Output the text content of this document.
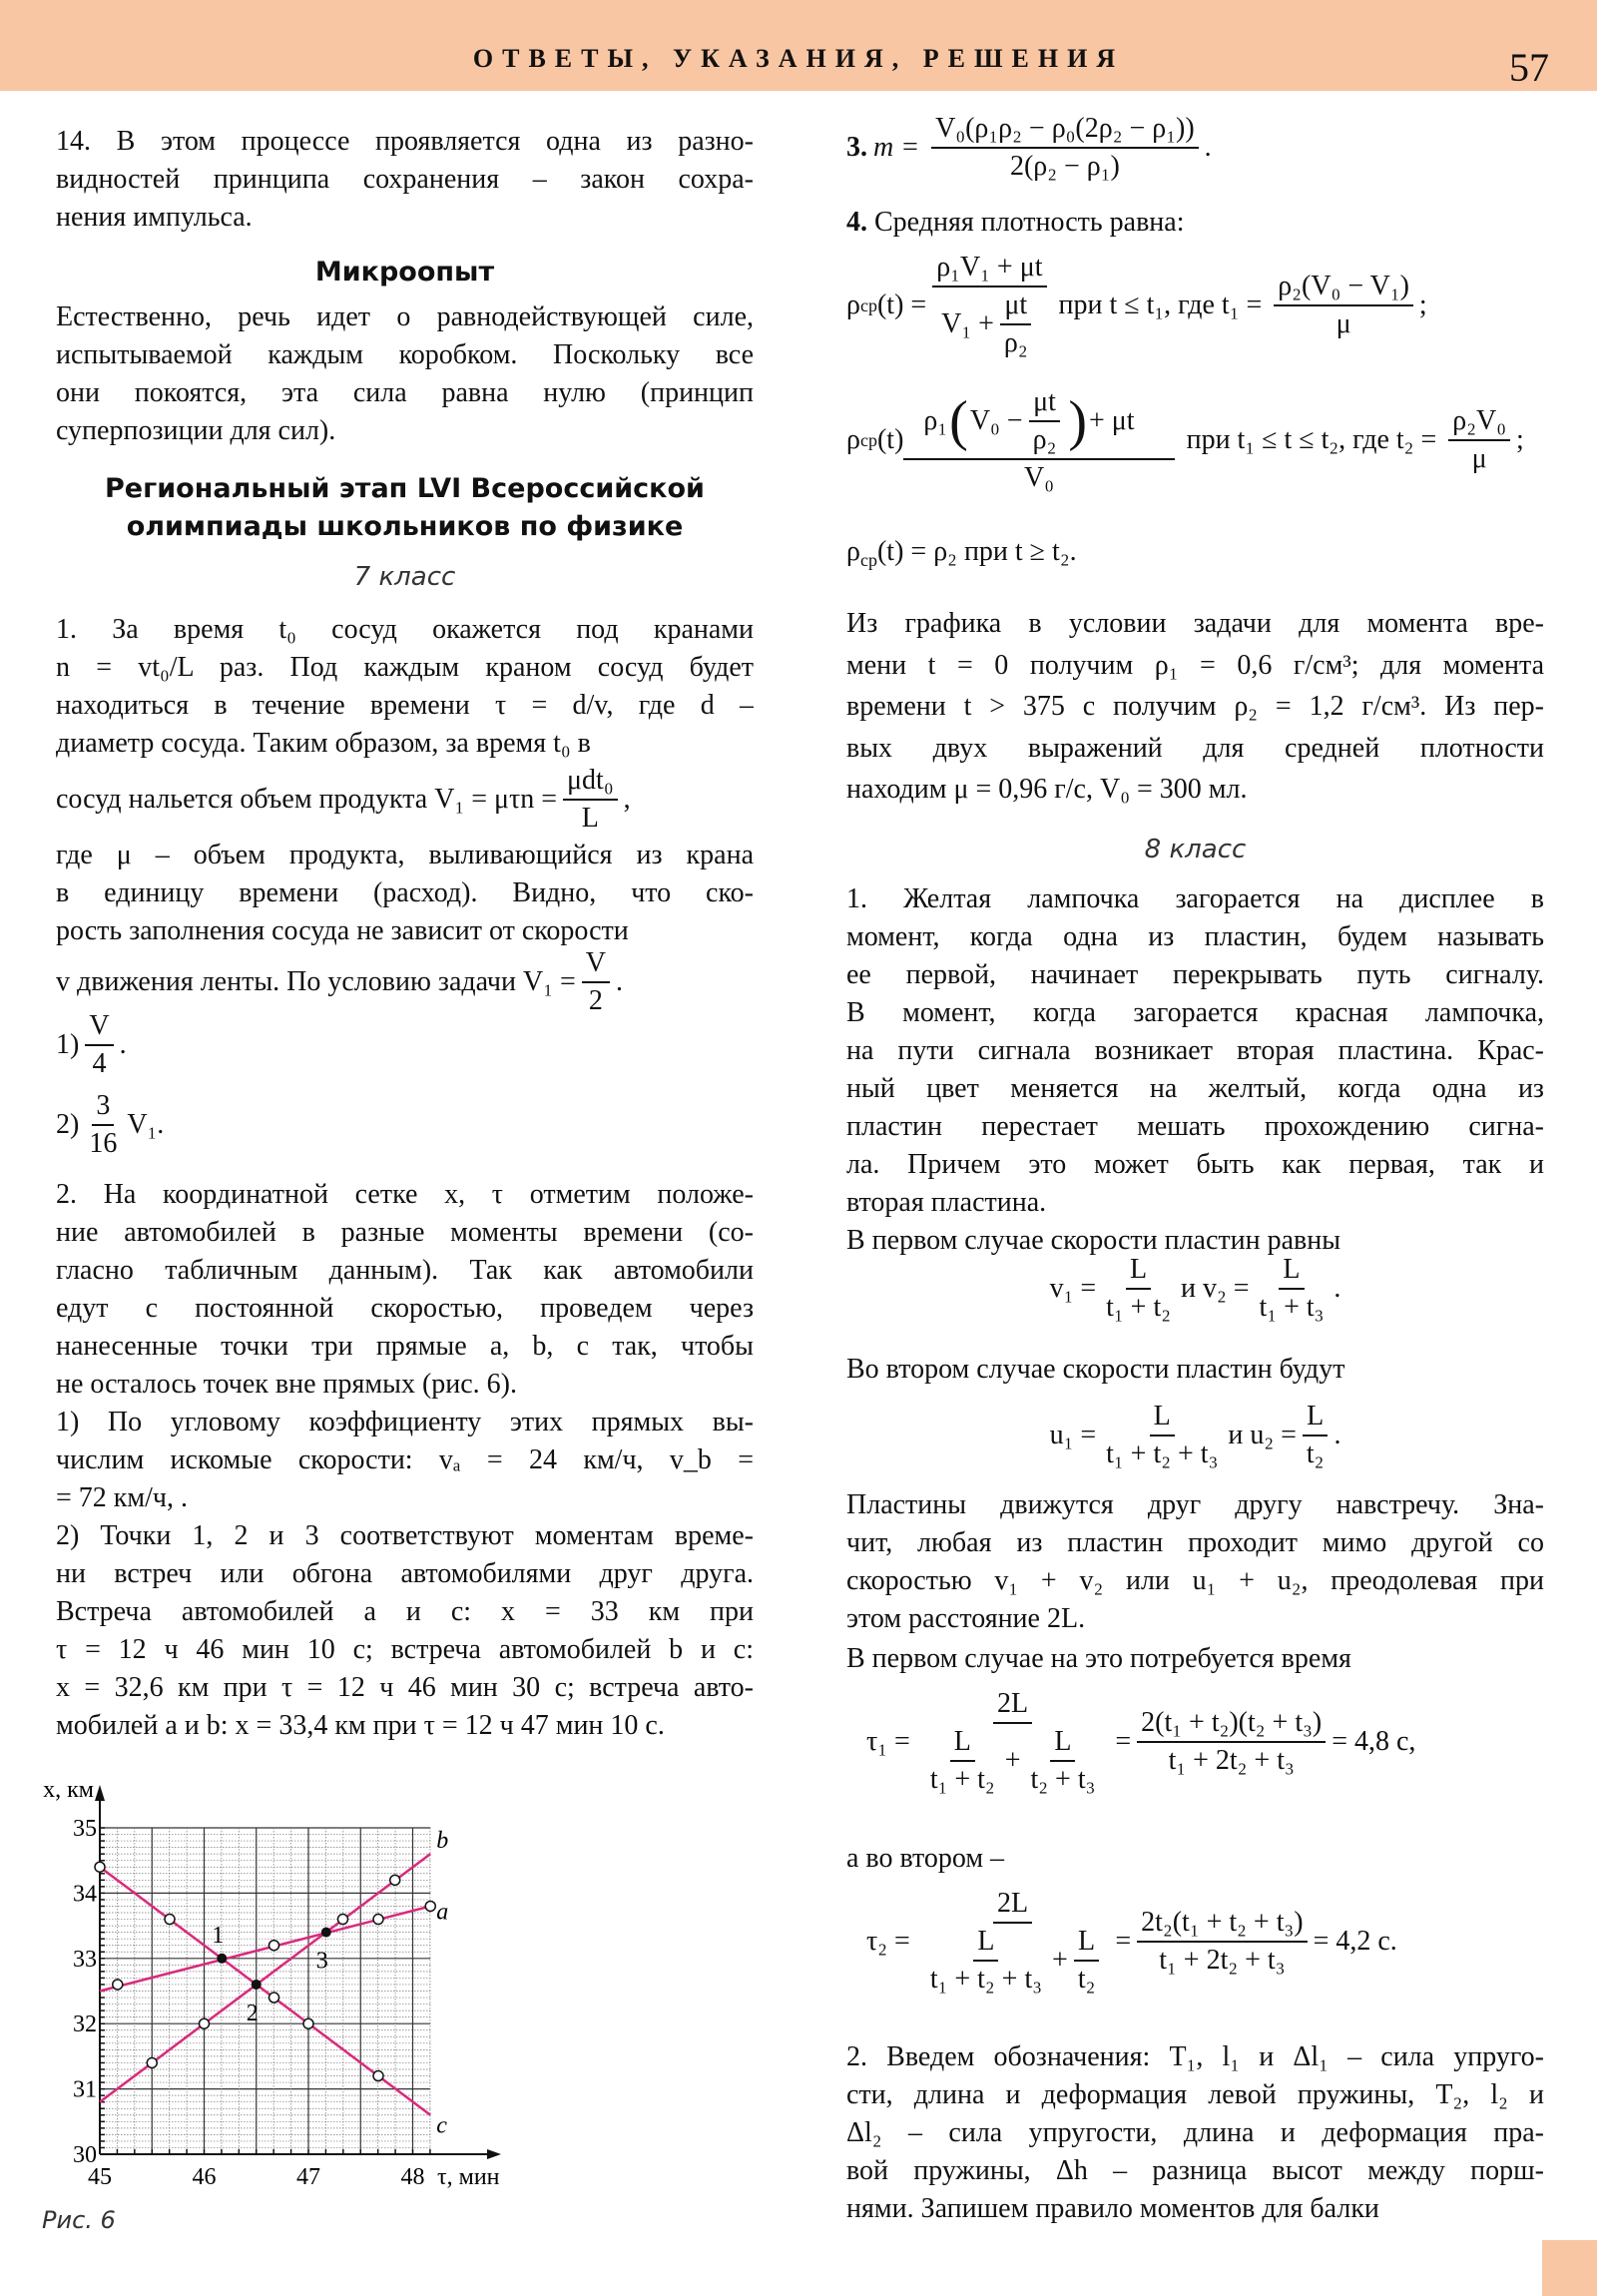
ОТВЕТЫ, УКАЗАНИЯ, РЕШЕНИЯ	57
14. В этом процессе проявляется одна из разно-
видностей принципа сохранения – закон сохра-
нения импульса.
Микроопыт
Естественно, речь идет о равнодействующей силе,
испытываемой каждым коробком. Поскольку все
они покоятся, эта сила равна нулю (принцип
суперпозиции для сил).
Региональный этап LVI Всероссийской
олимпиады школьников по физике
7 класс
1. За время t₀ сосуд окажется под кранами
n = vt₀/L раз. Под каждым краном сосуд будет
находиться в течение времени τ = d/v, где d –
диаметр сосуда. Таким образом, за время t₀ в
сосуд нальется объем продукта $V_1 = \mu\tau n = \frac{\text{μdt₀}}{L}$ ,
где μ – объем продукта, выливающийся из крана
в единицу времени (расход). Видно, что ско-
рость заполнения сосуда не зависит от скорости
v движения ленты. По условию задачи $V_1 = \frac{V}{2}$ .
$1) \frac{V}{4}$ .
$2) \frac{3}{16} V_1$.
2. На координатной сетке x, τ отметим положе-
ние автомобилей в разные моменты времени (со-
гласно табличным данным). Так как автомобили
едут с постоянной скоростью, проведем через
нанесенные точки три прямые a, b, c так, чтобы
не осталось точек вне прямых (рис. 6).
1) По угловому коэффициенту этих прямых вы-
числим искомые скорости: vₐ = 24 км/ч, v_b =
= 72 км/ч, .
2) Точки 1, 2 и 3 соответствуют моментам време-
ни встреч или обгона автомобилями друг друга.
Встреча автомобилей a и c: x = 33 км при
τ = 12 ч 46 мин 10 с; встреча автомобилей b и c:
x = 32,6 км при τ = 12 ч 46 мин 30 с; встреча авто-
мобилей a и b: x = 33,4 км при τ = 12 ч 47 мин 10 с.
30
31
32
33
34
35
45	46	47	48
x, км
τ, мин
a
b
c
1
2
3
Рис. 6
3. $m = \frac{\text{V₀(ρ₁ρ₂ − ρ₀(2ρ₂ − ρ₁))}}{\text{2(ρ₂ − ρ₁)}}$ .
4. Средняя плотность равна:
ρ ср $(t) = \frac{\text{ρ₁V₁ + μt}}{V_1 + \frac{\mu t}{\text{ρ₂}}}$ при t ≤ t₁, где $t_1 = \frac{\text{ρ₂(V₀ − V₁)}}{\mu}$ ;
ρ ср $(t) \frac{\rho_1 ( V_0 - \frac{\mu t}{\text{ρ₂}} ) + \mu t}{\text{V₀}}$ при t₁ ≤ t ≤ t₂, где $t_2 = \frac{\text{ρ₂V₀}}{\mu}$ ;
$\rho_{ср}(t) = \rho_2$ при t ≥ t₂.
Из графика в условии задачи для момента вре-
мени t = 0 получим ρ₁ = 0,6 г/см³; для момента
времени t > 375 с получим ρ₂ = 1,2 г/см³. Из пер-
вых двух выражений для средней плотности
находим μ = 0,96 г/с, V₀ = 300 мл.
8 класс
1. Желтая лампочка загорается на дисплее в
момент, когда одна из пластин, будем называть
ее первой, начинает перекрывать путь сигналу.
В момент, когда загорается красная лампочка,
на пути сигнала возникает вторая пластина. Крас-
ный цвет меняется на желтый, когда одна из
пластин перестает мешать прохождению сигна-
ла. Причем это может быть как первая, так и
вторая пластина.
В первом случае скорости пластин равны
$v_1 = \frac{L}{\text{t₁ + t₂}}$ и $v_2 = \frac{L}{\text{t₁ + t₃}}$ .
Во втором случае скорости пластин будут
$u_1 = \frac{L}{\text{t₁ + t₂ + t₃}}$ и $u_2 = \frac{L}{\text{t₂}}$ .
Пластины движутся друг другу навстречу. Зна-
чит, любая из пластин проходит мимо другой со
скоростью v₁ + v₂ или u₁ + u₂, преодолевая при
этом расстояние 2L.
В первом случае на это потребуется время
$\tau_1 = \frac{2L}{\frac{L}{\text{t₁ + t₂}} + \frac{L}{\text{t₂ + t₃}}} = \frac{\text{2(t₁ + t₂)(t₂ + t₃)}}{\text{t₁ + 2t₂ + t₃}} = 4,8$ с,
а во втором –
$\tau_2 = \frac{2L}{\frac{L}{\text{t₁ + t₂ + t₃}} + \frac{L}{\text{t₂}}} = \frac{\text{2t₂(t₁ + t₂ + t₃)}}{\text{t₁ + 2t₂ + t₃}} = 4,2$ с.
2. Введем обозначения: T₁, l₁ и Δl₁ – сила упруго-
сти, длина и деформация левой пружины, T₂, l₂ и
Δl₂ – сила упругости, длина и деформация пра-
вой пружины, Δh – разница высот между порш-
нями. Запишем правило моментов для балки
